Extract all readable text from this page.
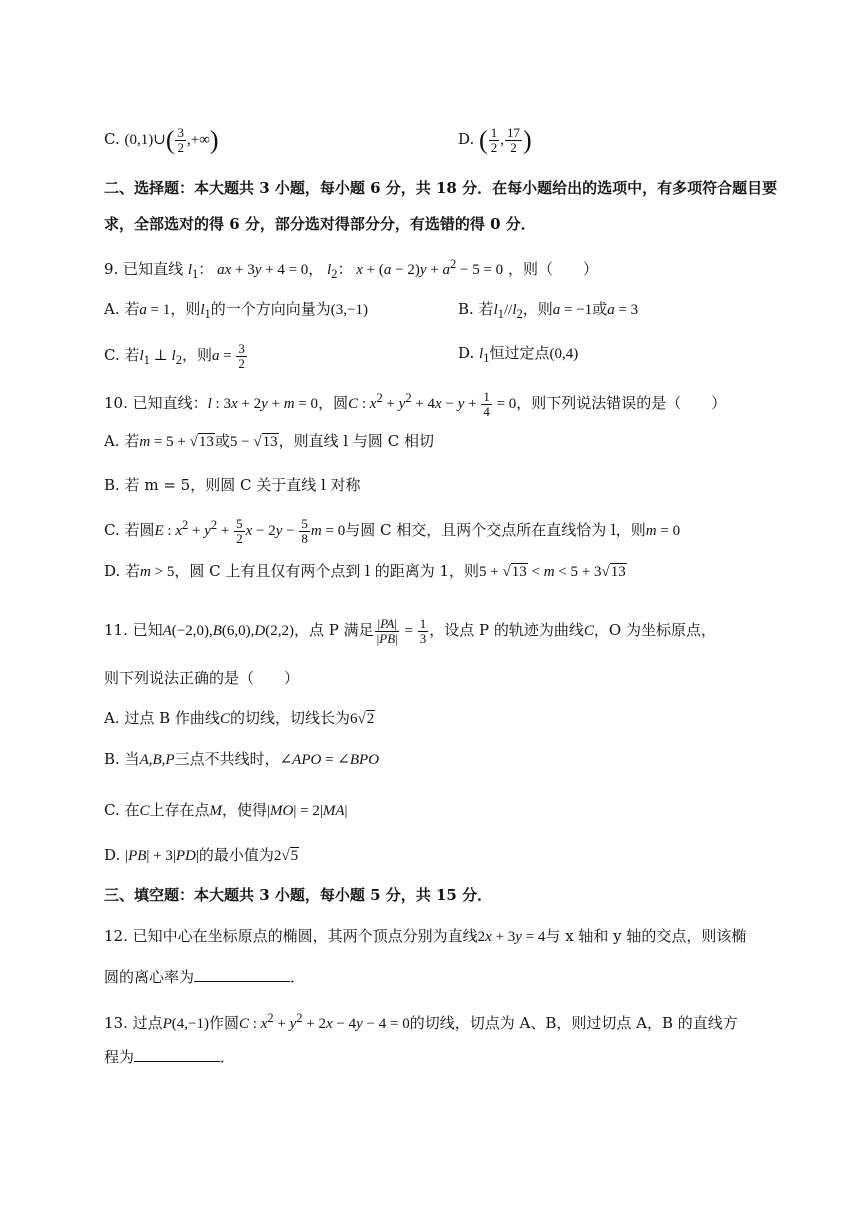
C. (0,1)∪( $\frac{3}{2}$ ,+∞)	D. ( $\frac{1}{2}$ , $\frac{17}{2}$ )
二、选择题：本大题共 3 小题，每小题 6 分，共 18 分．在每小题给出的选项中，有多项符合题目要
求，全部选对的得 6 分，部分选对得部分分，有选错的得 0 分．
9. 已知直线 $l_1$： ax + 3y + 4 = 0， $l_2$： $x + (a - 2)y + a^2 - 5 = 0$ ，则（　　）
A. 若a = 1，则$l_1$的一个方向向量为(3,−1)	B. 若$l_1//l_2$，则a = −1或a = 3
C. 若$l_1$ ⊥ $l_2$，则$a = \frac{3}{2}$	D. $l_1$恒过定点(0,4)
10. 已知直线：l : 3x + 2y + m = 0，圆C : $x^2 + y^2 + 4x - y + \frac{1}{4} = 0$，则下列说法错误的是（　　）
A. 若m = 5 + √13或5 − √13，则直线 l 与圆 C 相切
B. 若 m = 5，则圆 C 关于直线 l 对称
C. 若圆E : $x^2 + y^2 + \frac{5}{2}$ $x - 2y - \frac{5}{8}$ m = 0与圆 C 相交，且两个交点所在直线恰为 l，则m = 0
D. 若m > 5，圆 C 上有且仅有两个点到 l 的距离为 1，则5 + √13 < m < 5 + 3√13
11. 已知A(−2,0),B(6,0),D(2,2)，点 P 满足 $\frac{|PA|}{|PB|} = \frac{1}{3}$ ，设点 P 的轨迹为曲线C，O 为坐标原点，
则下列说法正确的是（　　）
A. 过点 B 作曲线C的切线，切线长为6√2
B. 当A,B,P三点不共线时，∠APO = ∠BPO
C. 在C上存在点M，使得|MO| = 2|MA|
D. |PB| + 3|PD|的最小值为2√5
三、填空题：本大题共 3 小题，每小题 5 分，共 15 分．
12. 已知中心在坐标原点的椭圆，其两个顶点分别为直线2x + 3y = 4与 x 轴和 y 轴的交点，则该椭
圆的离心率为	．
13. 过点P(4,−1)作圆C : $x^2 + y^2 + 2x - 4y - 4 = 0$的切线，切点为 A、B，则过切点 A，B 的直线方
程为	．
